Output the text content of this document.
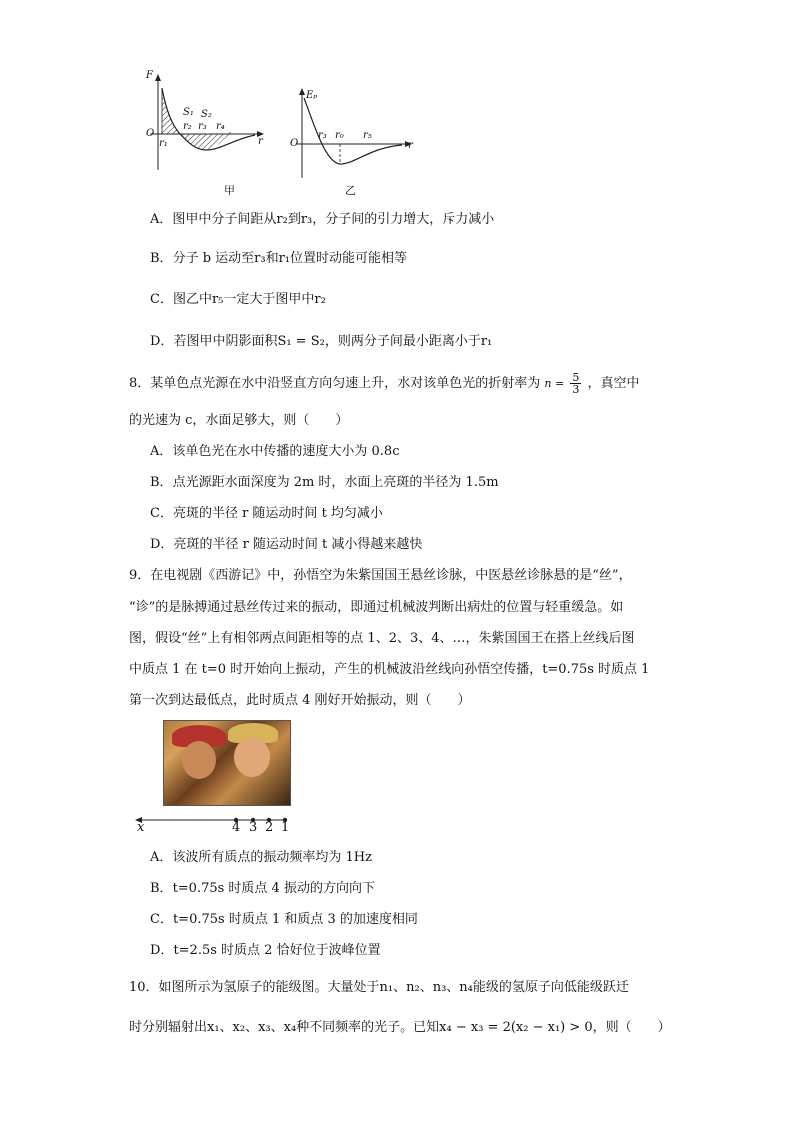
F
O
r
S₁ S₂
r₁
r₂ r₃ r₄
甲
Eₚ
O	r
r₃ r₀ r₅
乙
A．图甲中分子间距从r₂到r₃，分子间的引力增大，斥力减小
B．分子 b 运动至r₃和r₁位置时动能可能相等
C．图乙中r₅一定大于图甲中r₂
D．若图甲中阴影面积S₁ = S₂，则两分子间最小距离小于r₁
8．某单色点光源在水中沿竖直方向匀速上升，水对该单色光的折射率为 $n = \frac{5}{3}$ ，真空中
的光速为 c，水面足够大，则（　　）
A．该单色光在水中传播的速度大小为 0.8c
B．点光源距水面深度为 2m 时，水面上亮斑的半径为 1.5m
C．亮斑的半径 r 随运动时间 t 均匀减小
D．亮斑的半径 r 随运动时间 t 减小得越来越快
9．在电视剧《西游记》中，孙悟空为朱紫国国王悬丝诊脉，中医悬丝诊脉悬的是“丝”，
“诊”的是脉搏通过悬丝传过来的振动，即通过机械波判断出病灶的位置与轻重缓急。如
图，假设“丝”上有相邻两点间距相等的点 1、2、3、4、…，朱紫国国王在搭上丝线后图
中质点 1 在 t=0 时开始向上振动，产生的机械波沿丝线向孙悟空传播，t=0.75s 时质点 1
第一次到达最低点，此时质点 4 刚好开始振动，则（　　）
x	4 3 2 1
A．该波所有质点的振动频率均为 1Hz
B．t=0.75s 时质点 4 振动的方向向下
C．t=0.75s 时质点 1 和质点 3 的加速度相同
D．t=2.5s 时质点 2 恰好位于波峰位置
10．如图所示为氢原子的能级图。大量处于n₁、n₂、n₃、n₄能级的氢原子向低能级跃迁
时分别辐射出x₁、x₂、x₃、x₄种不同频率的光子。已知x₄ − x₃ = 2(x₂ − x₁) > 0，则（　　）
